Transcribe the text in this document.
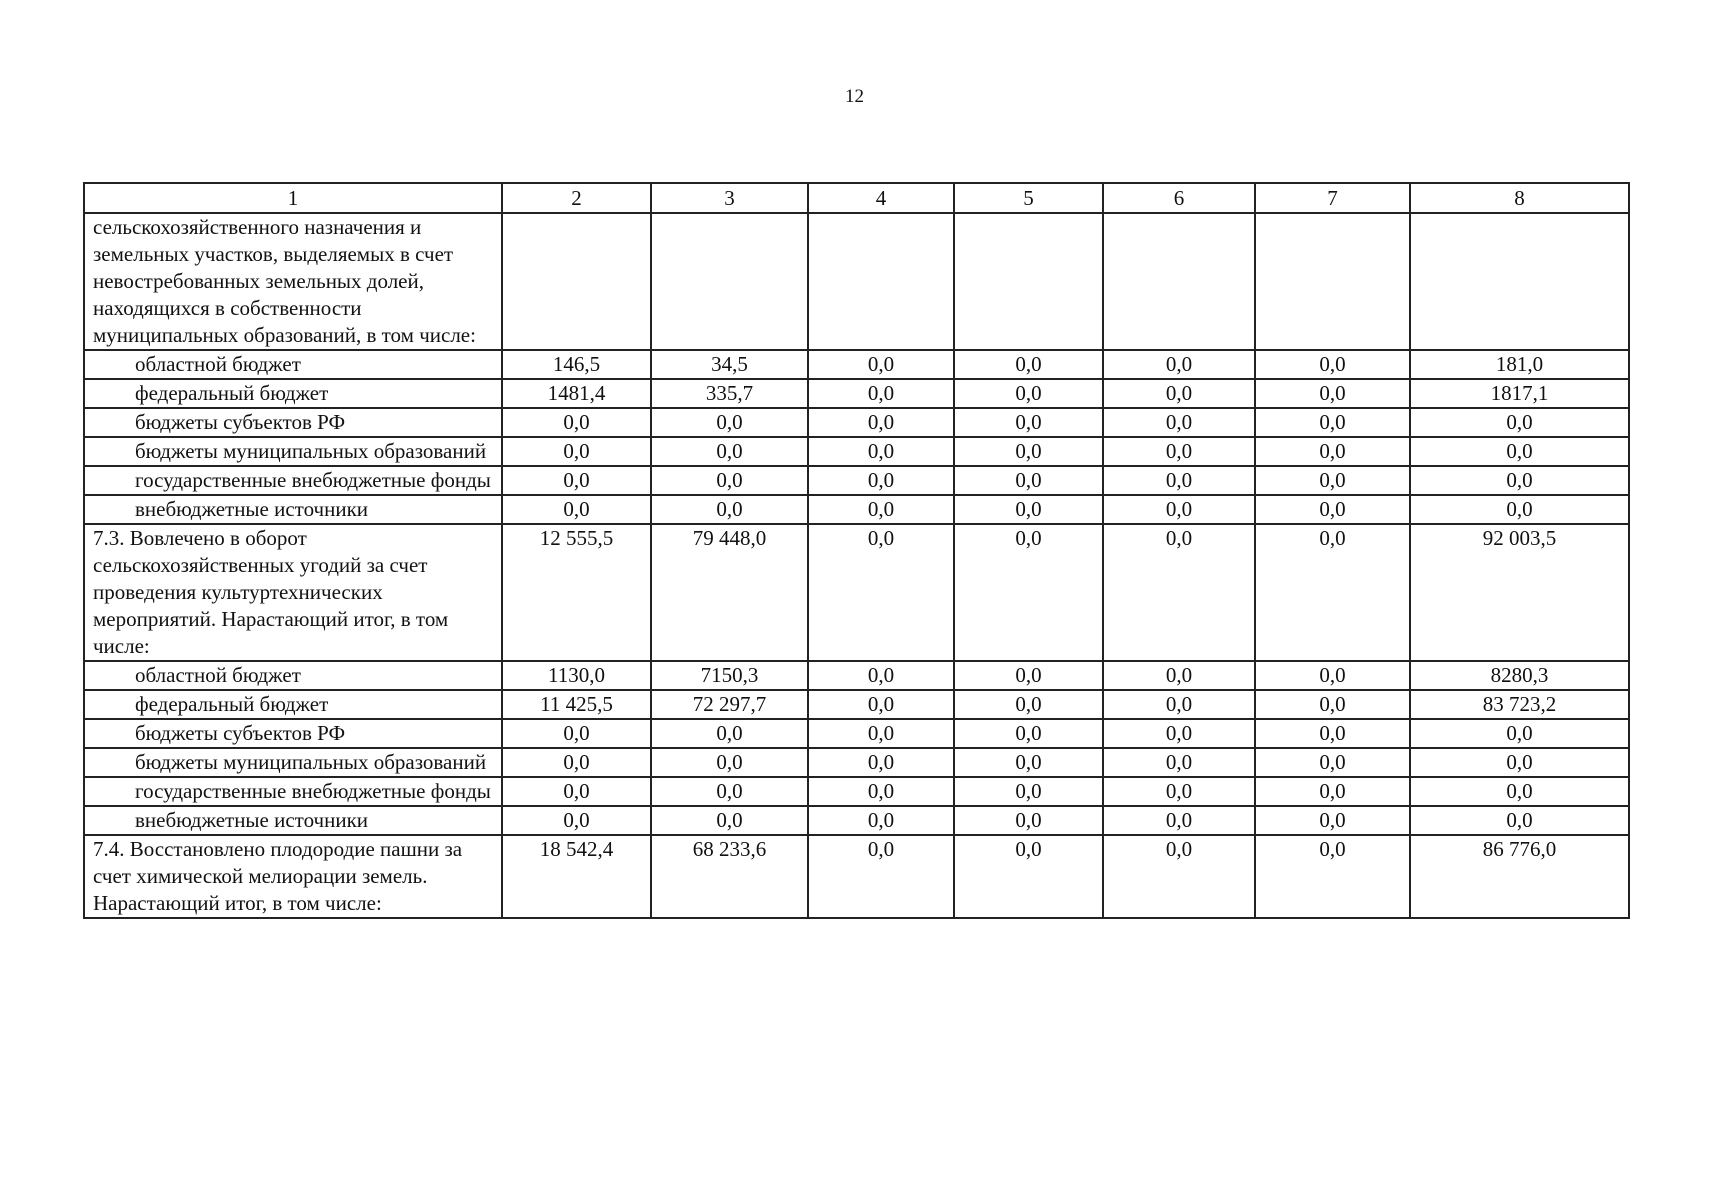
12
1	2	3	4	5	6	7	8
сельскохозяйственного назначения и земельных участков, выделяемых в счет невостребованных земельных долей, находящихся в собственности муниципальных образований, в том числе:							
областной бюджет	146,5	34,5	0,0	0,0	0,0	0,0	181,0
федеральный бюджет	1481,4	335,7	0,0	0,0	0,0	0,0	1817,1
бюджеты субъектов РФ	0,0	0,0	0,0	0,0	0,0	0,0	0,0
бюджеты муниципальных образований	0,0	0,0	0,0	0,0	0,0	0,0	0,0
государственные внебюджетные фонды	0,0	0,0	0,0	0,0	0,0	0,0	0,0
внебюджетные источники	0,0	0,0	0,0	0,0	0,0	0,0	0,0
7.3. Вовлечено в оборот сельскохозяйственных угодий за счет проведения культуртехнических мероприятий. Нарастающий итог, в том числе:	12 555,5	79 448,0	0,0	0,0	0,0	0,0	92 003,5
областной бюджет	1130,0	7150,3	0,0	0,0	0,0	0,0	8280,3
федеральный бюджет	11 425,5	72 297,7	0,0	0,0	0,0	0,0	83 723,2
бюджеты субъектов РФ	0,0	0,0	0,0	0,0	0,0	0,0	0,0
бюджеты муниципальных образований	0,0	0,0	0,0	0,0	0,0	0,0	0,0
государственные внебюджетные фонды	0,0	0,0	0,0	0,0	0,0	0,0	0,0
внебюджетные источники	0,0	0,0	0,0	0,0	0,0	0,0	0,0
7.4. Восстановлено плодородие пашни за счет химической мелиорации земель. Нарастающий итог, в том числе:	18 542,4	68 233,6	0,0	0,0	0,0	0,0	86 776,0
